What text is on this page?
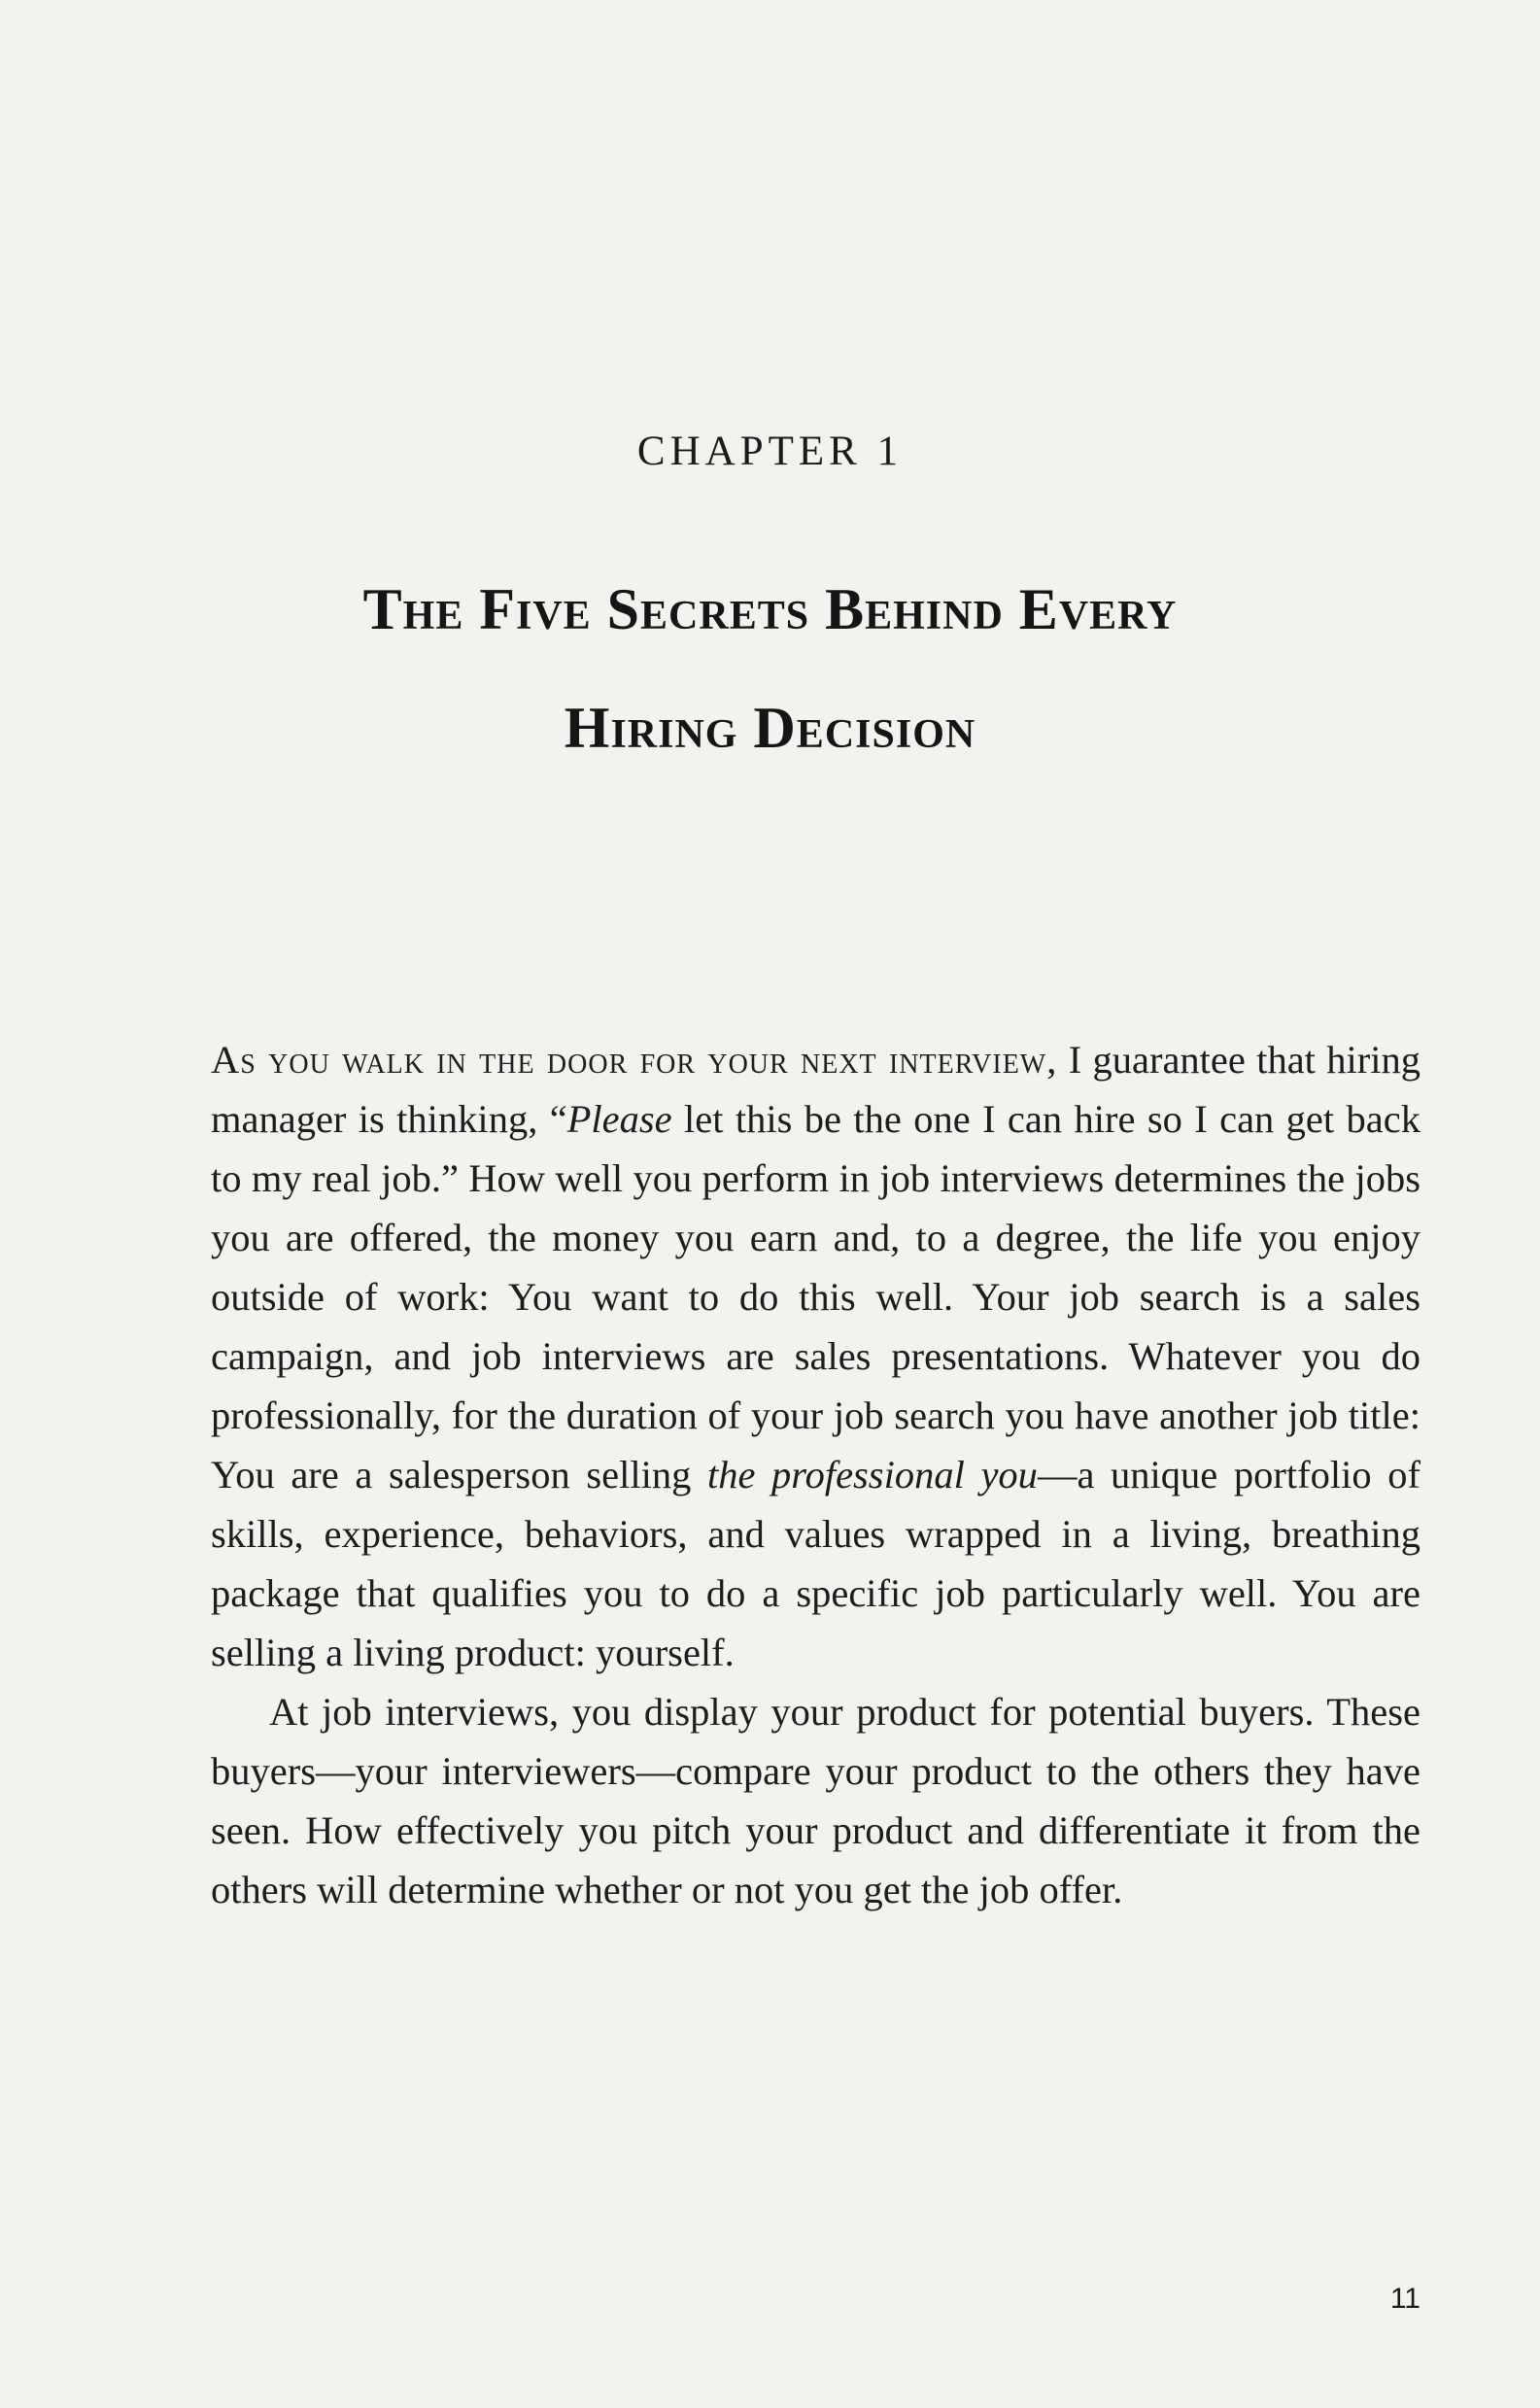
CHAPTER 1
The Five Secrets Behind Every
Hiring Decision

As you walk in the door for your next interview, I guarantee that hiring manager is thinking, “Please let this be the one I can hire so I can get back to my real job.” How well you perform in job interviews determines the jobs you are offered, the money you earn and, to a degree, the life you enjoy outside of work: You want to do this well. Your job search is a sales campaign, and job interviews are sales presentations. Whatever you do professionally, for the duration of your job search you have another job title: You are a salesperson selling the professional you—a unique portfolio of skills, experience, behaviors, and values wrapped in a living, breathing package that qualifies you to do a specific job particularly well. You are selling a living product: yourself.

At job interviews, you display your product for potential buyers. These buyers—your interviewers—compare your product to the others they have seen. How effectively you pitch your product and differentiate it from the others will determine whether or not you get the job offer.

11
